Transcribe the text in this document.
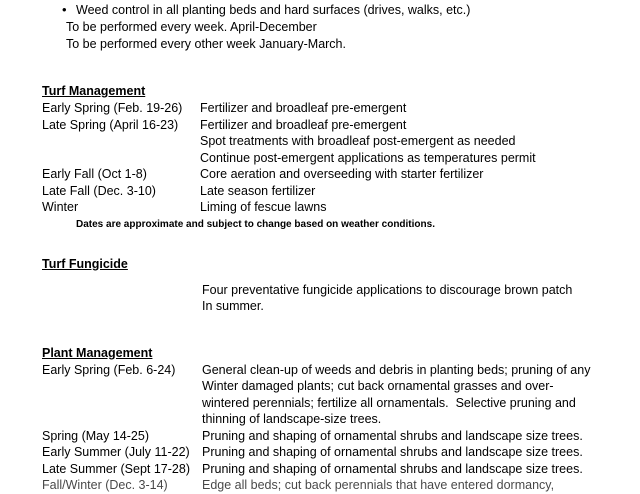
• Weed control in all planting beds and hard surfaces (drives, walks, etc.)
To be performed every week. April-December
To be performed every other week January-March.
Turf Management
Early Spring (Feb. 19-26)	Fertilizer and broadleaf pre-emergent
Late Spring (April 16-23)	Fertilizer and broadleaf pre-emergent
Spot treatments with broadleaf post-emergent as needed
Continue post-emergent applications as temperatures permit
Early Fall (Oct 1-8)	Core aeration and overseeding with starter fertilizer
Late Fall (Dec. 3-10)	Late season fertilizer
Winter	Liming of fescue lawns
Dates are approximate and subject to change based on weather conditions.
Turf Fungicide
Four preventative fungicide applications to discourage brown patch
In summer.
Plant Management
Early Spring (Feb. 6-24)	General clean-up of weeds and debris in planting beds; pruning of any
Winter damaged plants; cut back ornamental grasses and over-
wintered perennials; fertilize all ornamentals.  Selective pruning and
thinning of landscape-size trees.
Spring (May 14-25)	Pruning and shaping of ornamental shrubs and landscape size trees.
Early Summer (July 11-22) Pruning and shaping of ornamental shrubs and landscape size trees.
Late Summer (Sept 17-28) Pruning and shaping of ornamental shrubs and landscape size trees.
Fall/Winter (Dec. 3-14)	Edge all beds; cut back perennials that have entered dormancy,
